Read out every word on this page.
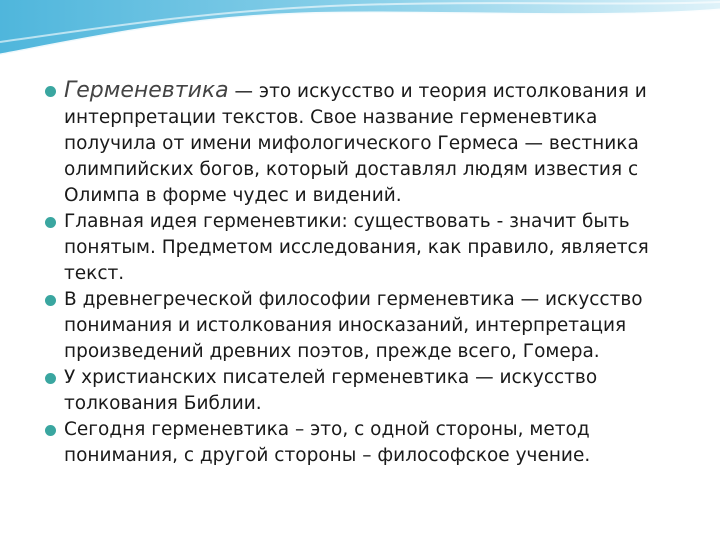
Герменевтика — это искусство и теория истолкования и интерпретации текстов. Свое название герменевтика получила от имени мифологического Гермеса — вестника олимпийских богов, который доставлял людям известия с Олимпа в форме чудес и видений.
Главная идея герменевтики: существовать - значит быть понятым. Предметом исследования, как правило, является текст.
В древнегреческой философии герменевтика — искусство понимания и истолкования иносказаний, интерпретация произведений древних поэтов, прежде всего, Гомера.
У христианских писателей герменевтика — искусство толкования Библии.
Сегодня герменевтика – это, с одной стороны, метод понимания, с другой стороны – философское учение.
